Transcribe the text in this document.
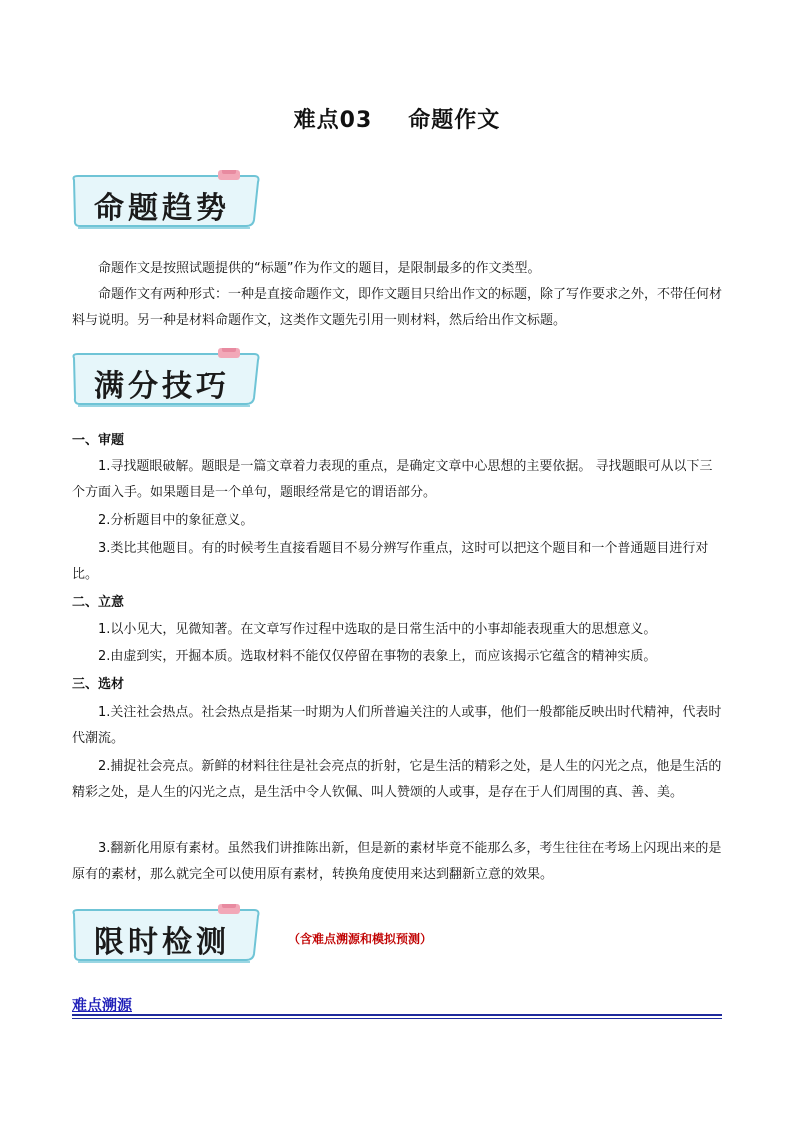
难点03 命题作文
命题趋势

命题作文是按照试题提供的“标题”作为作文的题目，是限制最多的作文类型。

命题作文有两种形式：一种是直接命题作文，即作文题目只给出作文的标题，除了写作要求之外，不带任何材料与说明。另一种是材料命题作文，这类作文题先引用一则材料，然后给出作文标题。

满分技巧

一、审题

1.寻找题眼破解。题眼是一篇文章着力表现的重点，是确定文章中心思想的主要依据。 寻找题眼可从以下三个方面入手。如果题目是一个单句，题眼经常是它的谓语部分。

2.分析题目中的象征意义。

3.类比其他题目。有的时候考生直接看题目不易分辨写作重点，这时可以把这个题目和一个普通题目进行对比。

二、立意

1.以小见大，见微知著。在文章写作过程中选取的是日常生活中的小事却能表现重大的思想意义。

2.由虚到实，开掘本质。选取材料不能仅仅停留在事物的表象上，而应该揭示它蕴含的精神实质。

三、选材

1.关注社会热点。社会热点是指某一时期为人们所普遍关注的人或事，他们一般都能反映出时代精神，代表时代潮流。

2.捕捉社会亮点。新鲜的材料往往是社会亮点的折射，它是生活的精彩之处，是人生的闪光之点，他是生活的精彩之处，是人生的闪光之点，是生活中令人钦佩、叫人赞颂的人或事，是存在于人们周围的真、善、美。

3.翻新化用原有素材。虽然我们讲推陈出新，但是新的素材毕竟不能那么多，考生往往在考场上闪现出来的是原有的素材，那么就完全可以使用原有素材，转换角度使用来达到翻新立意的效果。

限时检测	（含难点溯源和模拟预测）
难点溯源
